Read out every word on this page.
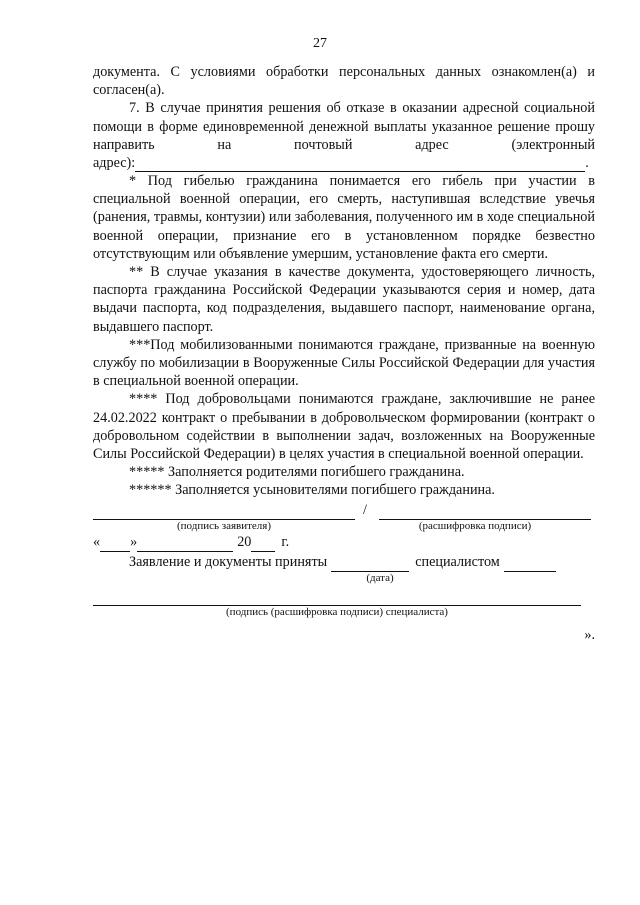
27

документа. С условиями обработки персональных данных ознакомлен(а) и согласен(а).

7. В случае принятия решения об отказе в оказании адресной социальной помощи в форме единовременной денежной выплаты указанное решение прошу направить на почтовый адрес (электронный

адрес):	.

* Под гибелью гражданина понимается его гибель при участии в специальной военной операции, его смерть, наступившая вследствие увечья (ранения, травмы, контузии) или заболевания, полученного им в ходе специальной военной операции, признание его в установленном порядке безвестно отсутствующим или объявление умершим, установление факта его смерти.

** В случае указания в качестве документа, удостоверяющего личность, паспорта гражданина Российской Федерации указываются серия и номер, дата выдачи паспорта, код подразделения, выдавшего паспорт, наименование органа, выдавшего паспорт.

***Под мобилизованными понимаются граждане, призванные на военную службу по мобилизации в Вооруженные Силы Российской Федерации для участия в специальной военной операции.

**** Под добровольцами понимаются граждане, заключившие не ранее 24.02.2022 контракт о пребывании в добровольческом формировании (контракт о добровольном содействии в выполнении задач, возложенных на Вооруженные Силы Российской Федерации) в целях участия в специальной военной операции.

***** Заполняется родителями погибшего гражданина.

****** Заполняется усыновителями погибшего гражданина.

/
(подпись заявителя)	(расшифровка подписи)
« »	20 г.
Заявление и документы приняты	специалистом
(дата)
(подпись (расшифровка подписи) специалиста)
».
